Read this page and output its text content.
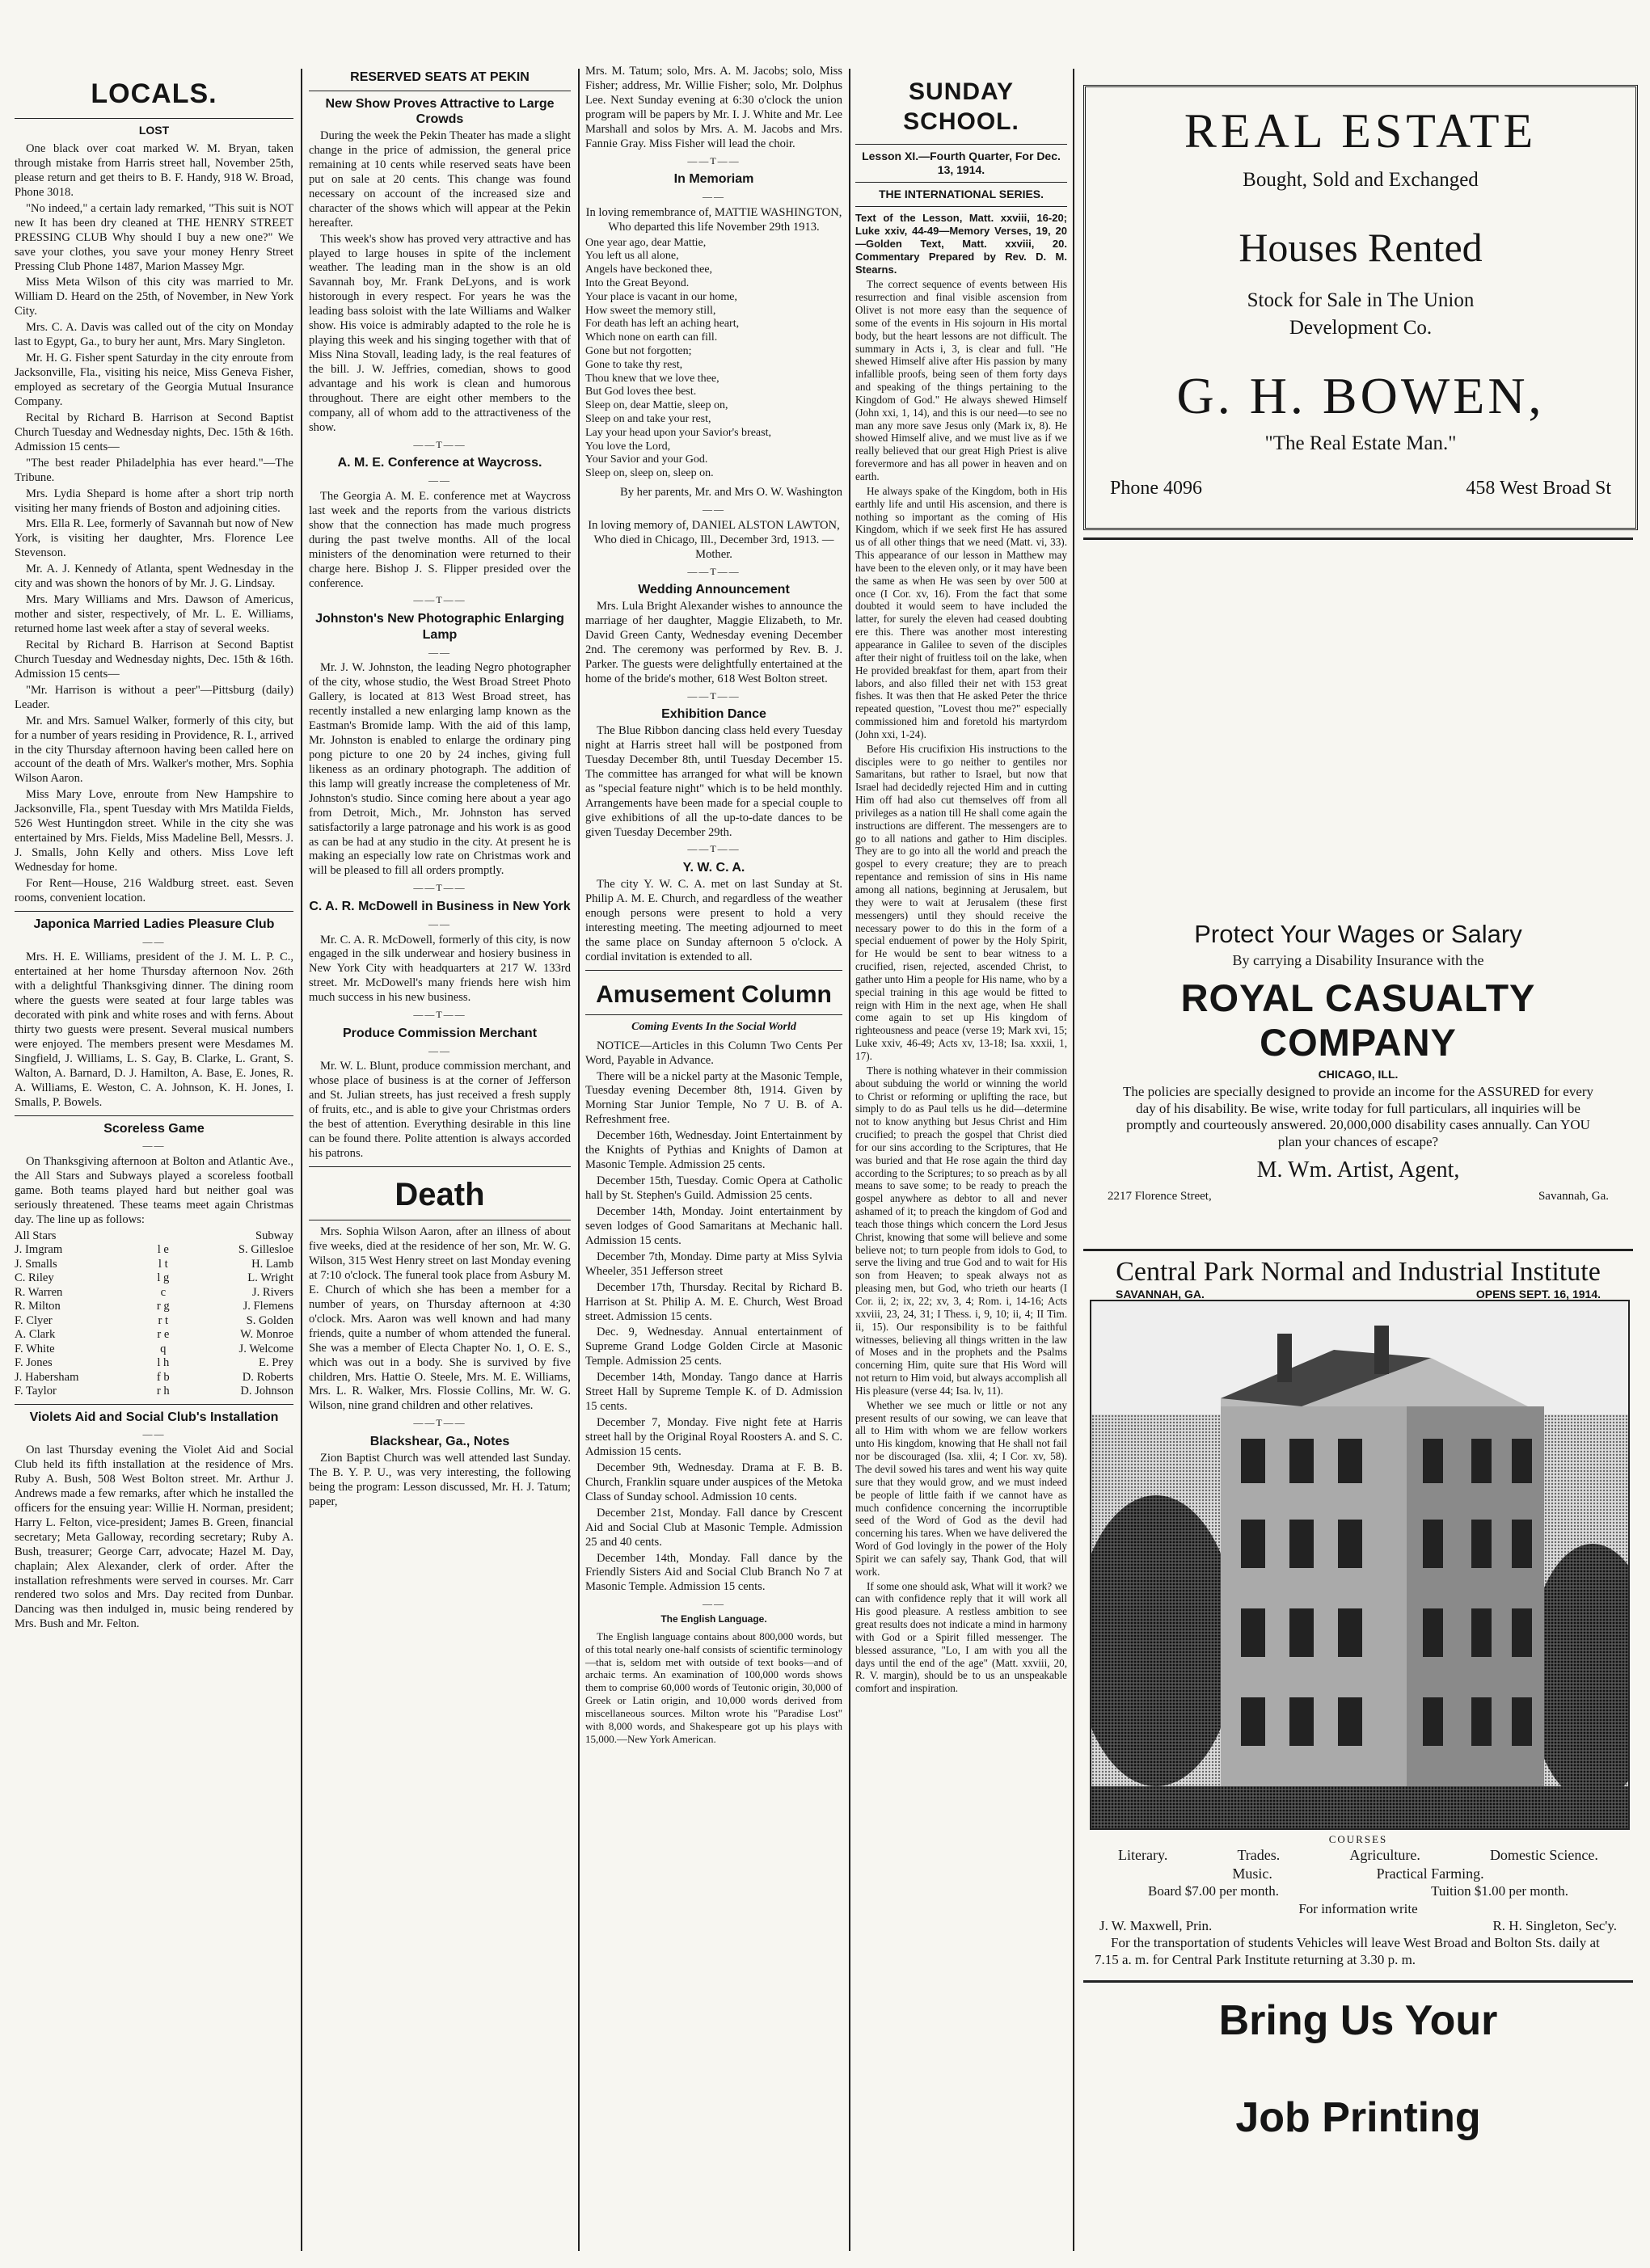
LOCALS.
LOST

One black over coat marked W. M. Bryan, taken through mistake from Harris street hall, November 25th, please return and get theirs to B. F. Handy, 918 W. Broad, Phone 3018.

"No indeed," a certain lady remarked, "This suit is NOT new It has been dry cleaned at THE HENRY STREET PRESSING CLUB Why should I buy a new one?" We save your clothes, you save your money Henry Street Pressing Club Phone 1487, Marion Massey Mgr.

Miss Meta Wilson of this city was married to Mr. William D. Heard on the 25th, of November, in New York City.

Mrs. C. A. Davis was called out of the city on Monday last to Egypt, Ga., to bury her aunt, Mrs. Mary Singleton.

Mr. H. G. Fisher spent Saturday in the city enroute from Jacksonville, Fla., visiting his neice, Miss Geneva Fisher, employed as secretary of the Georgia Mutual Insurance Company.

Recital by Richard B. Harrison at Second Baptist Church Tuesday and Wednesday nights, Dec. 15th & 16th. Admission 15 cents—

"The best reader Philadelphia has ever heard."—The Tribune.

Mrs. Lydia Shepard is home after a short trip north visiting her many friends of Boston and adjoining cities.

Mrs. Ella R. Lee, formerly of Savannah but now of New York, is visiting her daughter, Mrs. Florence Lee Stevenson.

Mr. A. J. Kennedy of Atlanta, spent Wednesday in the city and was shown the honors of by Mr. J. G. Lindsay.

Mrs. Mary Williams and Mrs. Dawson of Americus, mother and sister, respectively, of Mr. L. E. Williams, returned home last week after a stay of several weeks.

Recital by Richard B. Harrison at Second Baptist Church Tuesday and Wednesday nights, Dec. 15th & 16th. Admission 15 cents—

"Mr. Harrison is without a peer"—Pittsburg (daily) Leader.

Mr. and Mrs. Samuel Walker, formerly of this city, but for a number of years residing in Providence, R. I., arrived in the city Thursday afternoon having been called here on account of the death of Mrs. Walker's mother, Mrs. Sophia Wilson Aaron.

Miss Mary Love, enroute from New Hampshire to Jacksonville, Fla., spent Tuesday with Mrs Matilda Fields, 526 West Huntingdon street. While in the city she was entertained by Mrs. Fields, Miss Madeline Bell, Messrs. J. J. Smalls, John Kelly and others. Miss Love left Wednesday for home.

For Rent—House, 216 Waldburg street. east. Seven rooms, convenient location.

Japonica Married Ladies Pleasure Club
——

Mrs. H. E. Williams, president of the J. M. L. P. C., entertained at her home Thursday afternoon Nov. 26th with a delightful Thanksgiving dinner. The dining room where the guests were seated at four large tables was decorated with pink and white roses and with ferns. About thirty two guests were present. Several musical numbers were enjoyed. The members present were Mesdames M. Singfield, J. Williams, L. S. Gay, B. Clarke, L. Grant, S. Walton, A. Barnard, D. J. Hamilton, A. Base, E. Jones, R. A. Williams, E. Weston, C. A. Johnson, K. H. Jones, I. Smalls, P. Bowels.

Scoreless Game
——

On Thanksgiving afternoon at Bolton and Atlantic Ave., the All Stars and Subways played a scoreless football game. Both teams played hard but neither goal was seriously threatened. These teams meet again Christmas day. The line up as follows:

All Stars		Subway
J. Imgram	l e	S. Gillesloe
J. Smalls	l t	H. Lamb
C. Riley	l g	L. Wright
R. Warren	c	J. Rivers
R. Milton	r g	J. Flemens
F. Clyer	r t	S. Golden
A. Clark	r e	W. Monroe
F. White	q	J. Welcome
F. Jones	l h	E. Prey
J. Habersham	f b	D. Roberts
F. Taylor	r h	D. Johnson
Violets Aid and Social Club's Installation
——

On last Thursday evening the Violet Aid and Social Club held its fifth installation at the residence of Mrs. Ruby A. Bush, 508 West Bolton street. Mr. Arthur J. Andrews made a few remarks, after which he installed the officers for the ensuing year: Willie H. Norman, president; Harry L. Felton, vice-president; James B. Green, financial secretary; Meta Galloway, recording secretary; Ruby A. Bush, treasurer; George Carr, advocate; Hazel M. Day, chaplain; Alex Alexander, clerk of order. After the installation refreshments were served in courses. Mr. Carr rendered two solos and Mrs. Day recited from Dunbar. Dancing was then indulged in, music being rendered by Mrs. Bush and Mr. Felton.

RESERVED SEATS AT PEKIN
New Show Proves Attractive to Large Crowds

During the week the Pekin Theater has made a slight change in the price of admission, the general price remaining at 10 cents while reserved seats have been put on sale at 20 cents. This change was found necessary on account of the increased size and character of the shows which will appear at the Pekin hereafter.

This week's show has proved very attractive and has played to large houses in spite of the inclement weather. The leading man in the show is an old Savannah boy, Mr. Frank DeLyons, and is work historough in every respect. For years he was the leading bass soloist with the late Williams and Walker show. His voice is admirably adapted to the role he is playing this week and his singing together with that of Miss Nina Stovall, leading lady, is the real features of the bill. J. W. Jeffries, comedian, shows to good advantage and his work is clean and humorous throughout. There are eight other members to the company, all of whom add to the attractiveness of the show.

——T——
A. M. E. Conference at Waycross.
——

The Georgia A. M. E. conference met at Waycross last week and the reports from the various districts show that the connection has made much progress during the past twelve months. All of the local ministers of the denomination were returned to their charge here. Bishop J. S. Flipper presided over the conference.

——T——
Johnston's New Photographic Enlarging Lamp
——

Mr. J. W. Johnston, the leading Negro photographer of the city, whose studio, the West Broad Street Photo Gallery, is located at 813 West Broad street, has recently installed a new enlarging lamp known as the Eastman's Bromide lamp. With the aid of this lamp, Mr. Johnston is enabled to enlarge the ordinary ping pong picture to one 20 by 24 inches, giving full likeness as an ordinary photograph. The addition of this lamp will greatly increase the completeness of Mr. Johnston's studio. Since coming here about a year ago from Detroit, Mich., Mr. Johnston has served satisfactorily a large patronage and his work is as good as can be had at any studio in the city. At present he is making an especially low rate on Christmas work and will be pleased to fill all orders promptly.

——T——
C. A. R. McDowell in Business in New York
——

Mr. C. A. R. McDowell, formerly of this city, is now engaged in the silk underwear and hosiery business in New York City with headquarters at 217 W. 133rd street. Mr. McDowell's many friends here wish him much success in his new business.

——T——
Produce Commission Merchant
——

Mr. W. L. Blunt, produce commission merchant, and whose place of business is at the corner of Jefferson and St. Julian streets, has just received a fresh supply of fruits, etc., and is able to give your Christmas orders the best of attention. Everything desirable in this line can be found there. Polite attention is always accorded his patrons.

Death

Mrs. Sophia Wilson Aaron, after an illness of about five weeks, died at the residence of her son, Mr. W. G. Wilson, 315 West Henry street on last Monday evening at 7:10 o'clock. The funeral took place from Asbury M. E. Church of which she has been a member for a number of years, on Thursday afternoon at 4:30 o'clock. Mrs. Aaron was well known and had many friends, quite a number of whom attended the funeral. She was a member of Electa Chapter No. 1, O. E. S., which was out in a body. She is survived by five children, Mrs. Hattie O. Steele, Mrs. M. E. Williams, Mrs. L. R. Walker, Mrs. Flossie Collins, Mr. W. G. Wilson, nine grand children and other relatives.

——T——
Blackshear, Ga., Notes

Zion Baptist Church was well attended last Sunday. The B. Y. P. U., was very interesting, the following being the program: Lesson discussed, Mr. H. J. Tatum; paper,

Mrs. M. Tatum; solo, Mrs. A. M. Jacobs; solo, Miss Fisher; address, Mr. Willie Fisher; solo, Mr. Dolphus Lee. Next Sunday evening at 6:30 o'clock the union program will be papers by Mr. I. J. White and Mr. Lee Marshall and solos by Mrs. A. M. Jacobs and Mrs. Fannie Gray. Miss Fisher will lead the choir.

——T——
In Memoriam
——

In loving remembrance of, MATTIE WASHINGTON, Who departed this life November 29th 1913.

One year ago, dear Mattie,
You left us all alone,
Angels have beckoned thee,
Into the Great Beyond.
Your place is vacant in our home,
How sweet the memory still,
For death has left an aching heart,
Which none on earth can fill.
Gone but not forgotten;
Gone to take thy rest,
Thou knew that we love thee,
But God loves thee best.
Sleep on, dear Mattie, sleep on,
Sleep on and take your rest,
Lay your head upon your Savior's breast,
You love the Lord,
Your Savior and your God.
Sleep on, sleep on, sleep on.

By her parents, Mr. and Mrs O. W. Washington

——

In loving memory of, DANIEL ALSTON LAWTON, Who died in Chicago, Ill., December 3rd, 1913. —Mother.

——T——
Wedding Announcement

Mrs. Lula Bright Alexander wishes to announce the marriage of her daughter, Maggie Elizabeth, to Mr. David Green Canty, Wednesday evening December 2nd. The ceremony was performed by Rev. B. J. Parker. The guests were delightfully entertained at the home of the bride's mother, 618 West Bolton street.

——T——
Exhibition Dance

The Blue Ribbon dancing class held every Tuesday night at Harris street hall will be postponed from Tuesday December 8th, until Tuesday December 15. The committee has arranged for what will be known as "special feature night" which is to be held monthly. Arrangements have been made for a special couple to give exhibitions of all the up-to-date dances to be given Tuesday December 29th.

——T——
Y. W. C. A.

The city Y. W. C. A. met on last Sunday at St. Philip A. M. E. Church, and regardless of the weather enough persons were present to hold a very interesting meeting. The meeting adjourned to meet the same place on Sunday afternoon 5 o'clock. A cordial invitation is extended to all.

Amusement Column
Coming Events In the Social World

NOTICE—Articles in this Column Two Cents Per Word, Payable in Advance.

There will be a nickel party at the Masonic Temple, Tuesday evening December 8th, 1914. Given by Morning Star Junior Temple, No 7 U. B. of A. Refreshment free.

December 16th, Wednesday. Joint Entertainment by the Knights of Pythias and Knights of Damon at Masonic Temple. Admission 25 cents.

December 15th, Tuesday. Comic Opera at Catholic hall by St. Stephen's Guild. Admission 25 cents.

December 14th, Monday. Joint entertainment by seven lodges of Good Samaritans at Mechanic hall. Admission 15 cents.

December 7th, Monday. Dime party at Miss Sylvia Wheeler, 351 Jefferson street

December 17th, Thursday. Recital by Richard B. Harrison at St. Philip A. M. E. Church, West Broad street. Admission 15 cents.

Dec. 9, Wednesday. Annual entertainment of Supreme Grand Lodge Golden Circle at Masonic Temple. Admission 25 cents.

December 14th, Monday. Tango dance at Harris Street Hall by Supreme Temple K. of D. Admission 15 cents.

December 7, Monday. Five night fete at Harris street hall by the Original Royal Roosters A. and S. C. Admission 15 cents.

December 9th, Wednesday. Drama at F. B. B. Church, Franklin square under auspices of the Metoka Class of Sunday school. Admission 10 cents.

December 21st, Monday. Fall dance by Crescent Aid and Social Club at Masonic Temple. Admission 25 and 40 cents.

December 14th, Monday. Fall dance by the Friendly Sisters Aid and Social Club Branch No 7 at Masonic Temple. Admission 15 cents.

——
The English Language.

The English language contains about 800,000 words, but of this total nearly one-half consists of scientific terminology—that is, seldom met with outside of text books—and of archaic terms. An examination of 100,000 words shows them to comprise 60,000 words of Teutonic origin, 30,000 of Greek or Latin origin, and 10,000 words derived from miscellaneous sources. Milton wrote his "Paradise Lost" with 8,000 words, and Shakespeare got up his plays with 15,000.—New York American.

SUNDAY SCHOOL.
Lesson XI.—Fourth Quarter, For Dec. 13, 1914.
THE INTERNATIONAL SERIES.

Text of the Lesson, Matt. xxviii, 16-20; Luke xxiv, 44-49—Memory Verses, 19, 20—Golden Text, Matt. xxviii, 20. Commentary Prepared by Rev. D. M. Stearns.

The correct sequence of events between His resurrection and final visible ascension from Olivet is not more easy than the sequence of some of the events in His sojourn in His mortal body, but the heart lessons are not difficult. The summary in Acts i, 3, is clear and full. "He shewed Himself alive after His passion by many infallible proofs, being seen of them forty days and speaking of the things pertaining to the Kingdom of God." He always shewed Himself (John xxi, 1, 14), and this is our need—to see no man any more save Jesus only (Mark ix, 8). He showed Himself alive, and we must live as if we really believed that our great High Priest is alive forevermore and has all power in heaven and on earth.

He always spake of the Kingdom, both in His earthly life and until His ascension, and there is nothing so important as the coming of His Kingdom, which if we seek first He has assured us of all other things that we need (Matt. vi, 33). This appearance of our lesson in Matthew may have been to the eleven only, or it may have been the same as when He was seen by over 500 at once (I Cor. xv, 16). From the fact that some doubted it would seem to have included the latter, for surely the eleven had ceased doubting ere this. There was another most interesting appearance in Galilee to seven of the disciples after their night of fruitless toil on the lake, when He provided breakfast for them, apart from their labors, and also filled their net with 153 great fishes. It was then that He asked Peter the thrice repeated question, "Lovest thou me?" especially commissioned him and foretold his martyrdom (John xxi, 1-24).

Before His crucifixion His instructions to the disciples were to go neither to gentiles nor Samaritans, but rather to Israel, but now that Israel had decidedly rejected Him and in cutting Him off had also cut themselves off from all privileges as a nation till He shall come again the instructions are different. The messengers are to go to all nations and gather to Him disciples. They are to go into all the world and preach the gospel to every creature; they are to preach repentance and remission of sins in His name among all nations, beginning at Jerusalem, but they were to wait at Jerusalem (these first messengers) until they should receive the necessary power to do this in the form of a special enduement of power by the Holy Spirit, for He would be sent to bear witness to a crucified, risen, rejected, ascended Christ, to gather unto Him a people for His name, who by a special training in this age would be fitted to reign with Him in the next age, when He shall come again to set up His kingdom of righteousness and peace (verse 19; Mark xvi, 15; Luke xxiv, 46-49; Acts xv, 13-18; Isa. xxxii, 1, 17).

There is nothing whatever in their commission about subduing the world or winning the world to Christ or reforming or uplifting the race, but simply to do as Paul tells us he did—determine not to know anything but Jesus Christ and Him crucified; to preach the gospel that Christ died for our sins according to the Scriptures, that He was buried and that He rose again the third day according to the Scriptures; to so preach as by all means to save some; to be ready to preach the gospel anywhere as debtor to all and never ashamed of it; to preach the kingdom of God and teach those things which concern the Lord Jesus Christ, knowing that some will believe and some believe not; to turn people from idols to God, to serve the living and true God and to wait for His son from Heaven; to speak always not as pleasing men, but God, who trieth our hearts (I Cor. ii, 2; ix, 22; xv, 3, 4; Rom. i, 14-16; Acts xxviii, 23, 24, 31; I Thess. i, 9, 10; ii, 4; II Tim. ii, 15). Our responsibility is to be faithful witnesses, believing all things written in the law of Moses and in the prophets and the Psalms concerning Him, quite sure that His Word will not return to Him void, but always accomplish all His pleasure (verse 44; Isa. lv, 11).

Whether we see much or little or not any present results of our sowing, we can leave that all to Him with whom we are fellow workers unto His kingdom, knowing that He shall not fail nor be discouraged (Isa. xlii, 4; I Cor. xv, 58). The devil sowed his tares and went his way quite sure that they would grow, and we must indeed be people of little faith if we cannot have as much confidence concerning the incorruptible seed of the Word of God as the devil had concerning his tares. When we have delivered the Word of God lovingly in the power of the Holy Spirit we can safely say, Thank God, that will work.

If some one should ask, What will it work? we can with confidence reply that it will work all His good pleasure. A restless ambition to see great results does not indicate a mind in harmony with God or a Spirit filled messenger. The blessed assurance, "Lo, I am with you all the days until the end of the age" (Matt. xxviii, 20, R. V. margin), should be to us an unspeakable comfort and inspiration.

REAL ESTATE
Bought, Sold and Exchanged
Houses Rented
Stock for Sale in The Union
Development Co.
G. H. BOWEN,
"The Real Estate Man."
Phone 4096	458 West Broad St
Protect Your Wages or Salary
By carrying a Disability Insurance with the
ROYAL CASUALTY COMPANY
CHICAGO, ILL.
The policies are specially designed to provide an income for the ASSURED for every day of his disability. Be wise, write today for full particulars, all inquiries will be promptly and courteously answered. 20,000,000 disability cases annually. Can YOU plan your chances of escape?
M. Wm. Artist, Agent,
2217 Florence Street,	Savannah, Ga.
Central Park Normal and Industrial Institute
SAVANNAH, GA.	OPENS SEPT. 16, 1914.
COURSES
Literary.	Trades.	Agriculture.	Domestic Science.
Music.	Practical Farming.
Board $7.00 per month.	Tuition $1.00 per month.
For information write
J. W. Maxwell, Prin.	R. H. Singleton, Sec'y.
For the transportation of students Vehicles will leave West Broad and Bolton Sts. daily at 7.15 a. m. for Central Park Institute returning at 3.30 p. m.
Bring Us Your
Job Printing
